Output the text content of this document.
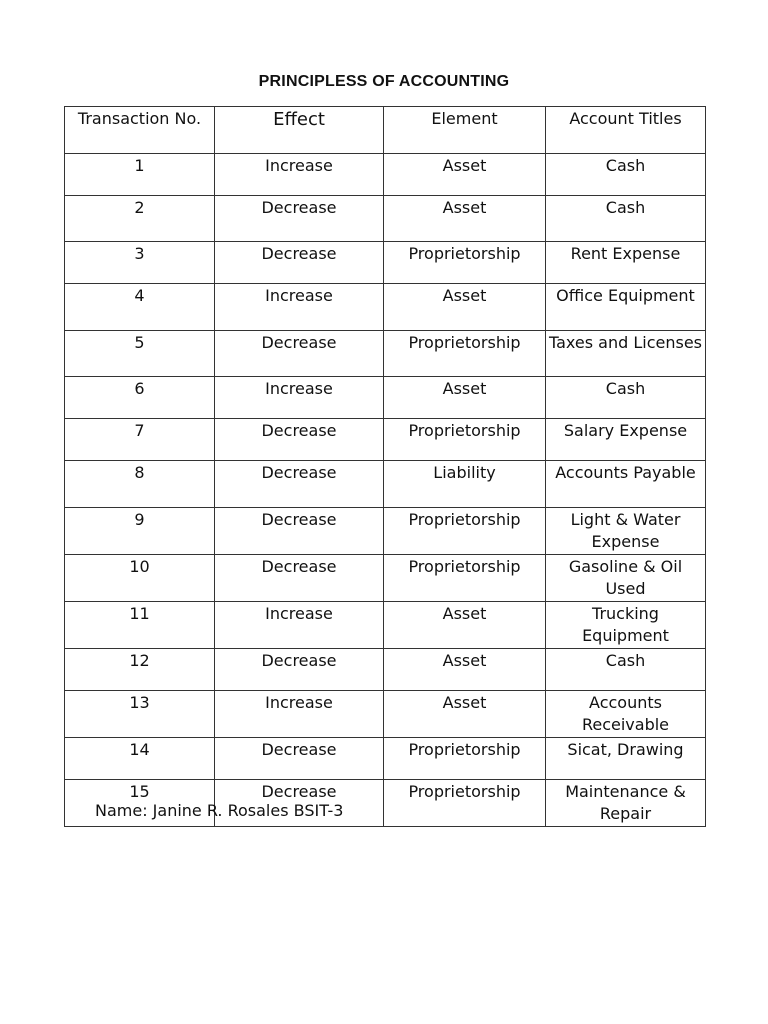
PRINCIPLESS OF ACCOUNTING
Transaction No.	Effect	Element	Account Titles
1	Increase	Asset	Cash
2	Decrease	Asset	Cash
3	Decrease	Proprietorship	Rent Expense
4	Increase	Asset	Office Equipment
5	Decrease	Proprietorship	Taxes and Licenses
6	Increase	Asset	Cash
7	Decrease	Proprietorship	Salary Expense
8	Decrease	Liability	Accounts Payable
9	Decrease	Proprietorship	Light & Water Expense
10	Decrease	Proprietorship	Gasoline & Oil Used
11	Increase	Asset	Trucking Equipment
12	Decrease	Asset	Cash
13	Increase	Asset	Accounts Receivable
14	Decrease	Proprietorship	Sicat, Drawing
15	Decrease	Proprietorship	Maintenance & Repair
Name: Janine R. Rosales BSIT-3
